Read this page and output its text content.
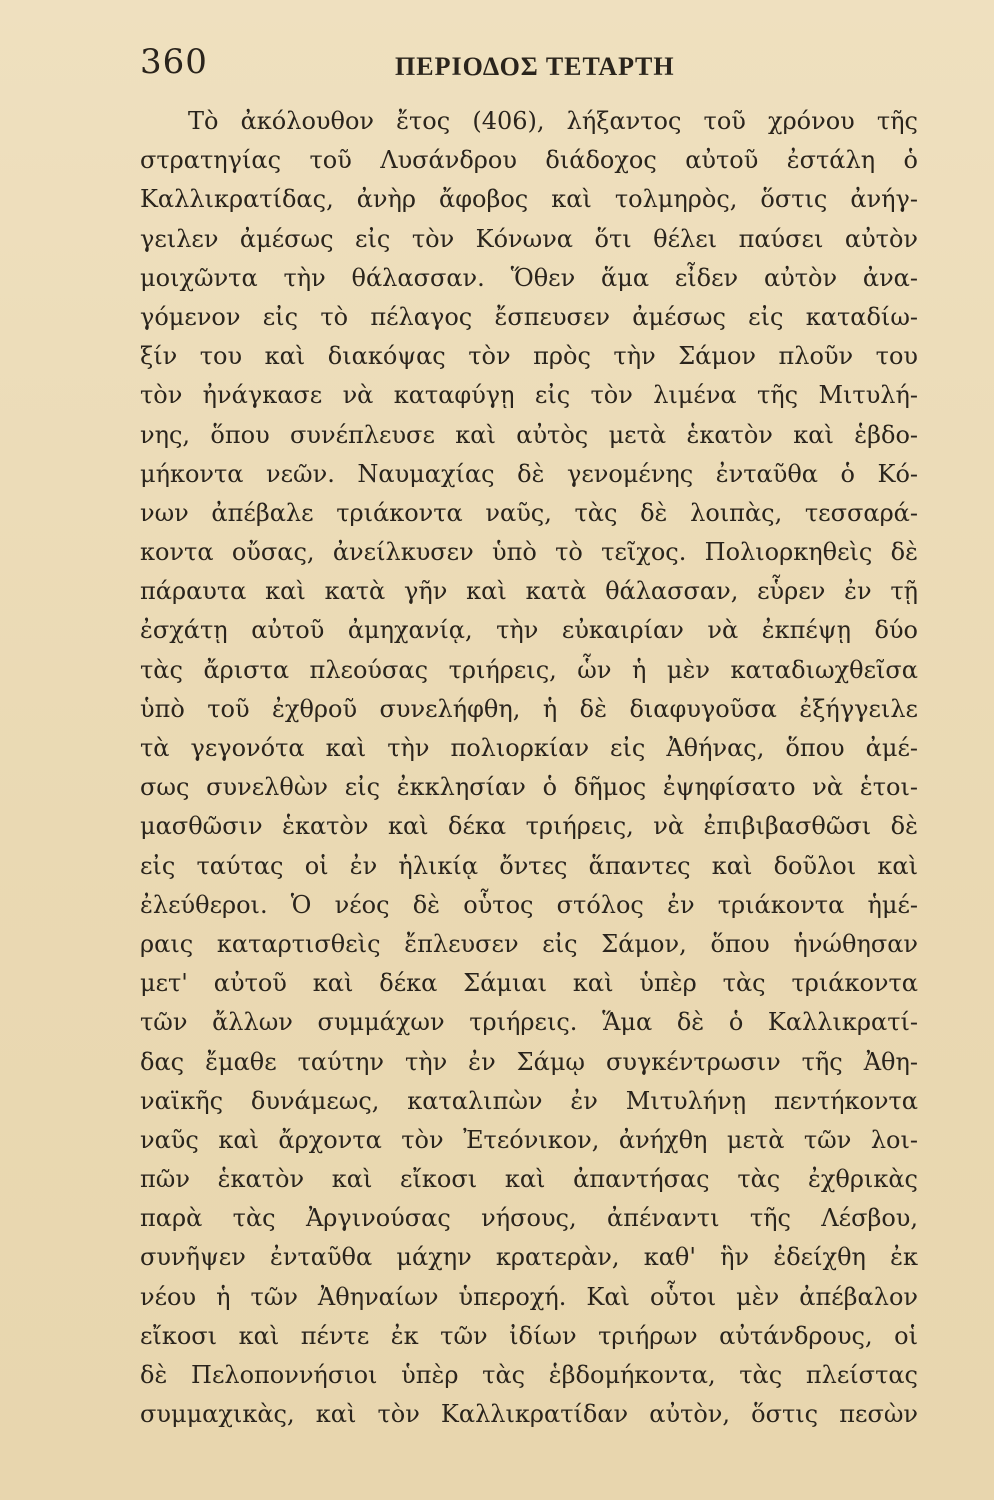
360	ΠΕΡΙΟΔΟΣ ΤΕΤΑΡΤΗ
Τὸ ἀκόλουθον ἔτος (406), λήξαντος τοῦ χρόνου τῆς
στρατηγίας τοῦ Λυσάνδρου διάδοχος αὐτοῦ ἐστάλη ὁ
Καλλικρατίδας, ἀνὴρ ἄφοβος καὶ τολμηρὸς, ὅστις ἀνήγ-
γειλεν ἀμέσως εἰς τὸν Κόνωνα ὅτι θέλει παύσει αὐτὸν
μοιχῶντα τὴν θάλασσαν. Ὅθεν ἅμα εἶδεν αὐτὸν ἀνα-
γόμενον εἰς τὸ πέλαγος ἔσπευσεν ἀμέσως εἰς καταδίω-
ξίν του καὶ διακόψας τὸν πρὸς τὴν Σάμον πλοῦν του
τὸν ἠνάγκασε νὰ καταφύγῃ εἰς τὸν λιμένα τῆς Μιτυλή-
νης, ὅπου συνέπλευσε καὶ αὐτὸς μετὰ ἑκατὸν καὶ ἑβδο-
μήκοντα νεῶν. Ναυμαχίας δὲ γενομένης ἐνταῦθα ὁ Κό-
νων ἀπέβαλε τριάκοντα ναῦς, τὰς δὲ λοιπὰς, τεσσαρά-
κοντα οὔσας, ἀνείλκυσεν ὑπὸ τὸ τεῖχος. Πολιορκηθεὶς δὲ
πάραυτα καὶ κατὰ γῆν καὶ κατὰ θάλασσαν, εὗρεν ἐν τῇ
ἐσχάτῃ αὐτοῦ ἀμηχανίᾳ, τὴν εὐκαιρίαν νὰ ἐκπέψῃ δύο
τὰς ἄριστα πλεούσας τριήρεις, ὧν ἡ μὲν καταδιωχθεῖσα
ὑπὸ τοῦ ἐχθροῦ συνελήφθη, ἡ δὲ διαφυγοῦσα ἐξήγγειλε
τὰ γεγονότα καὶ τὴν πολιορκίαν εἰς Ἀθήνας, ὅπου ἀμέ-
σως συνελθὼν εἰς ἐκκλησίαν ὁ δῆμος ἐψηφίσατο νὰ ἑτοι-
μασθῶσιν ἑκατὸν καὶ δέκα τριήρεις, νὰ ἐπιβιβασθῶσι δὲ
εἰς ταύτας οἱ ἐν ἡλικίᾳ ὄντες ἅπαντες καὶ δοῦλοι καὶ
ἐλεύθεροι. Ὁ νέος δὲ οὗτος στόλος ἐν τριάκοντα ἡμέ-
ραις καταρτισθεὶς ἔπλευσεν εἰς Σάμον, ὅπου ἡνώθησαν
μετ' αὐτοῦ καὶ δέκα Σάμιαι καὶ ὑπὲρ τὰς τριάκοντα
τῶν ἄλλων συμμάχων τριήρεις. Ἅμα δὲ ὁ Καλλικρατί-
δας ἔμαθε ταύτην τὴν ἐν Σάμῳ συγκέντρωσιν τῆς Ἀθη-
ναϊκῆς δυνάμεως, καταλιπὼν ἐν Μιτυλήνῃ πεντήκοντα
ναῦς καὶ ἄρχοντα τὸν Ἐτεόνικον, ἀνήχθη μετὰ τῶν λοι-
πῶν ἑκατὸν καὶ εἴκοσι καὶ ἀπαντήσας τὰς ἐχθρικὰς
παρὰ τὰς Ἀργινούσας νήσους, ἀπέναντι τῆς Λέσβου,
συνῆψεν ἐνταῦθα μάχην κρατερὰν, καθ' ἣν ἐδείχθη ἐκ
νέου ἡ τῶν Ἀθηναίων ὑπεροχή. Καὶ οὗτοι μὲν ἀπέβαλον
εἴκοσι καὶ πέντε ἐκ τῶν ἰδίων τριήρων αὐτάνδρους, οἱ
δὲ Πελοποννήσιοι ὑπὲρ τὰς ἑβδομήκοντα, τὰς πλείστας
συμμαχικὰς, καὶ τὸν Καλλικρατίδαν αὐτὸν, ὅστις πεσὼν
